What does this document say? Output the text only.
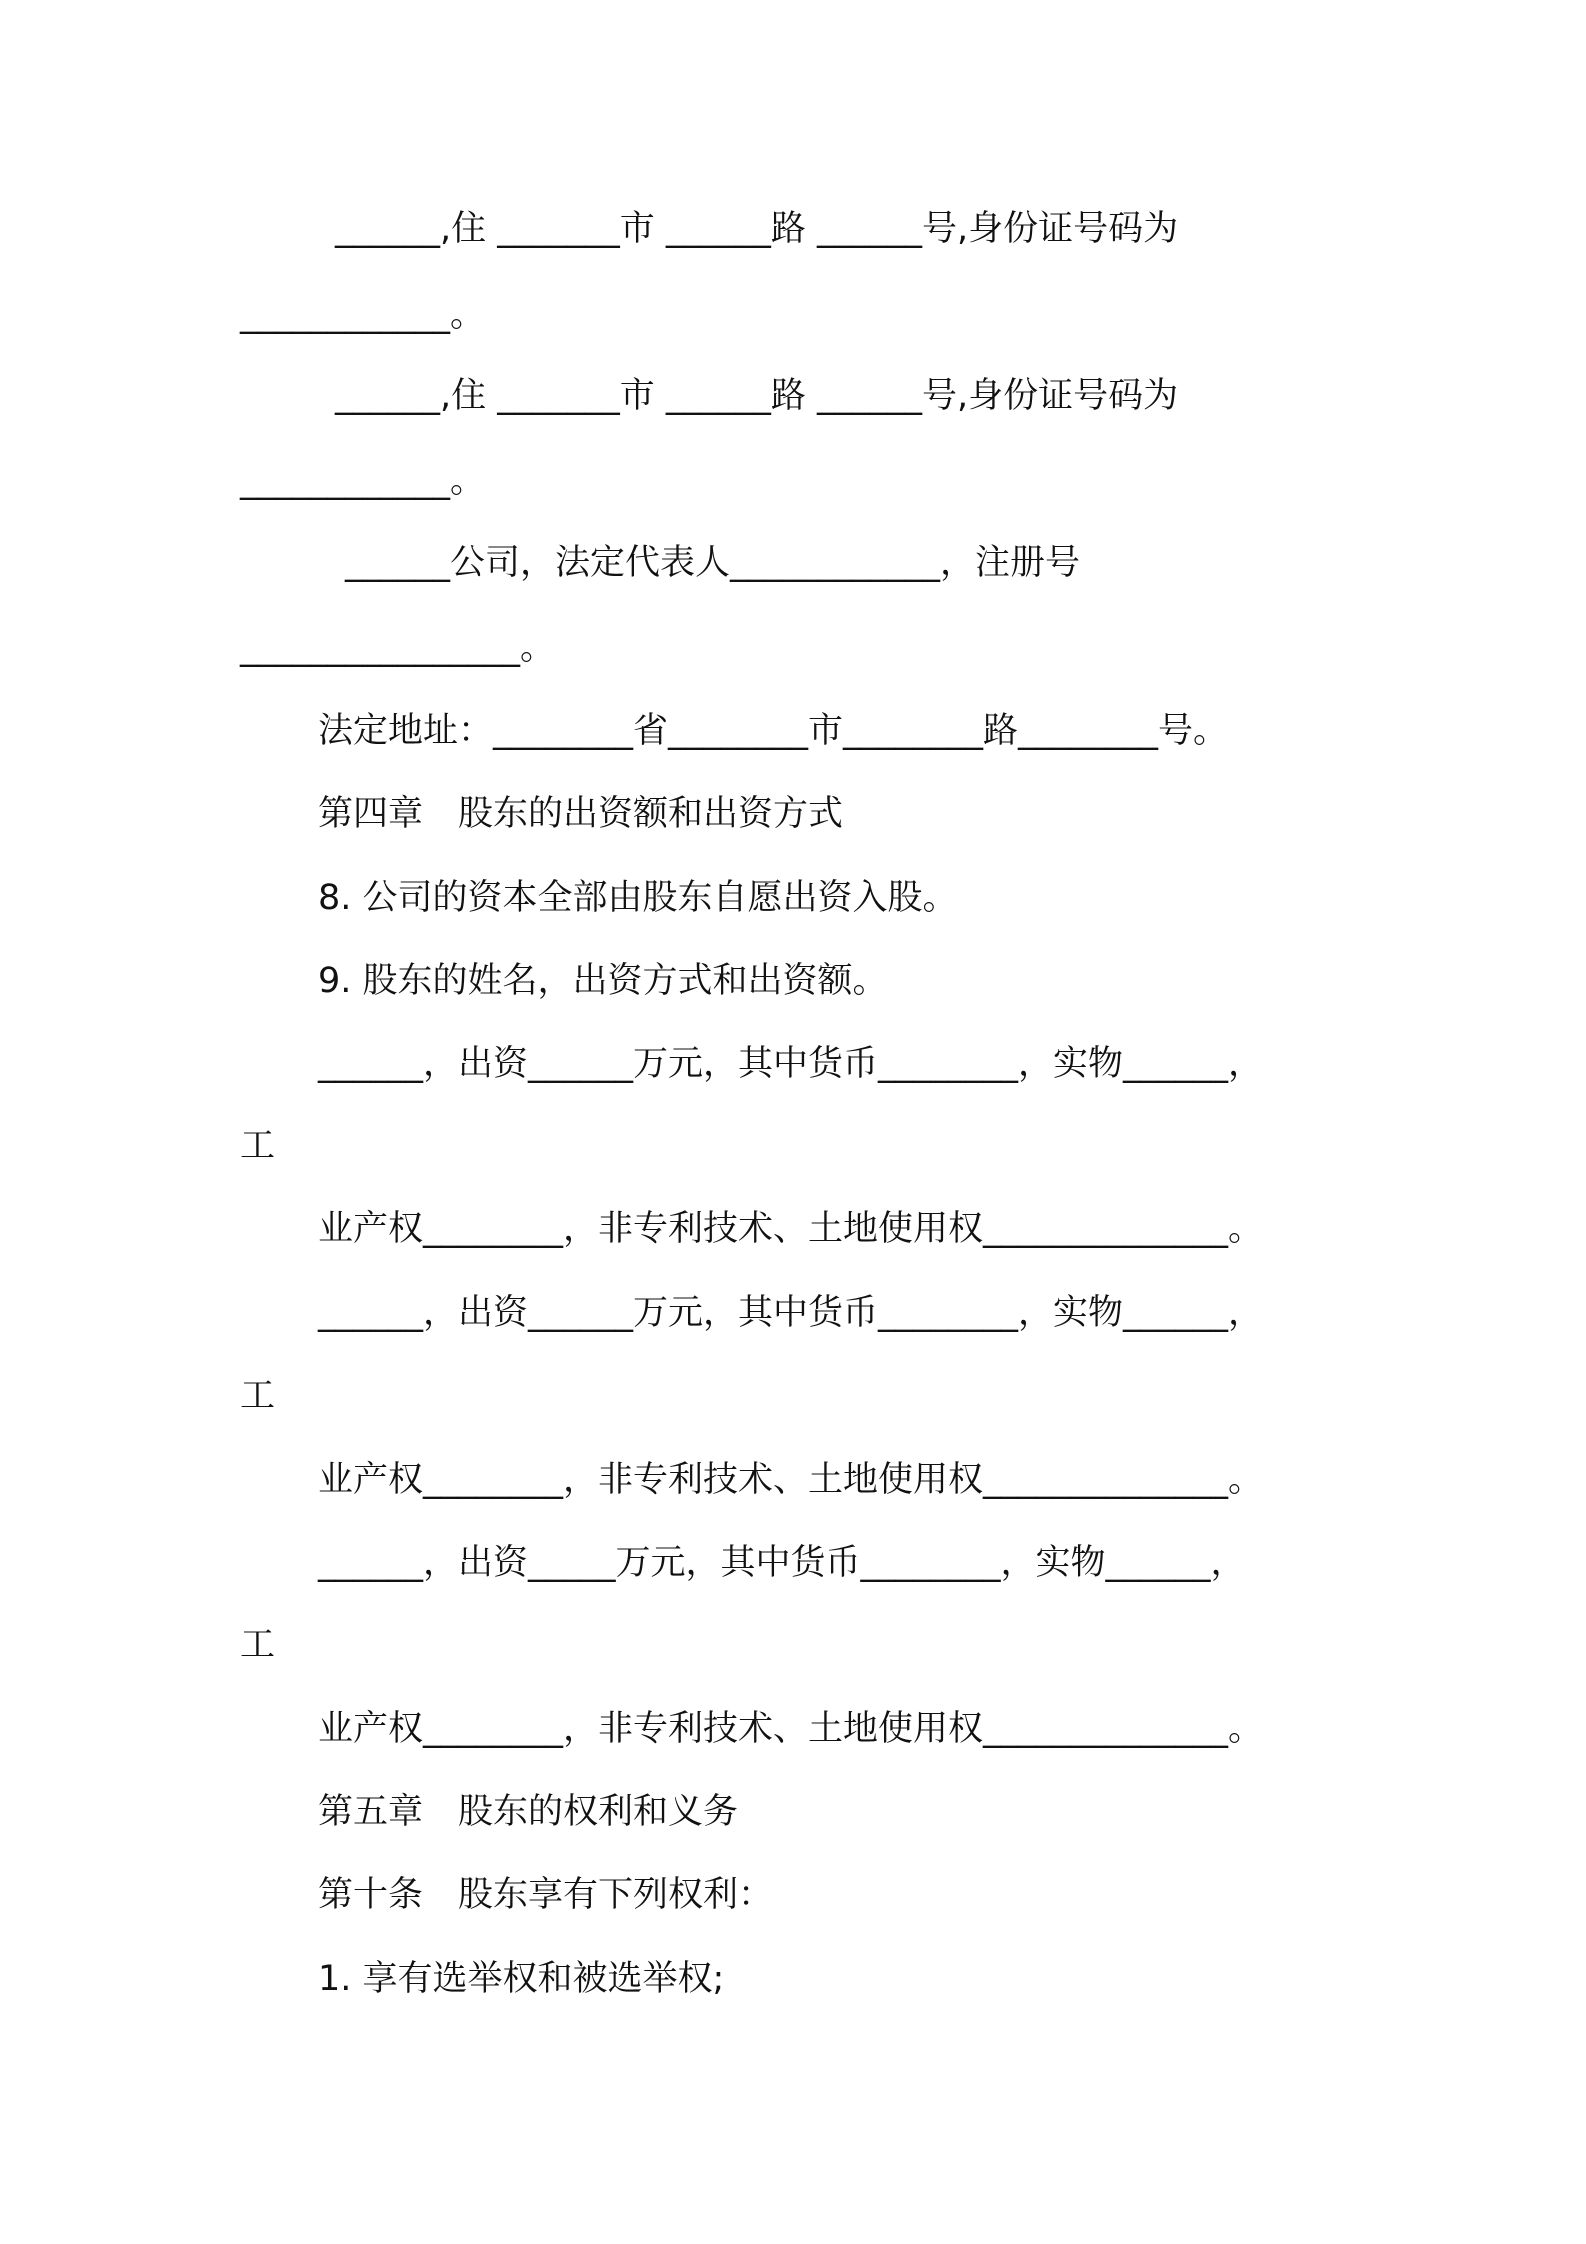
______,住 _______市 ______路 ______号,身份证号码为

____________。

______,住 _______市 ______路 ______号,身份证号码为

____________。

______公司，法定代表人____________，注册号

________________。

法定地址：________省________市________路________号。

第四章　股东的出资额和出资方式

8. 公司的资本全部由股东自愿出资入股。

9. 股东的姓名，出资方式和出资额。

______，出资______万元，其中货币________，实物______，

工

业产权________，非专利技术、土地使用权______________。

______，出资______万元，其中货币________，实物______，

工

业产权________，非专利技术、土地使用权______________。

______，出资_____万元，其中货币________，实物______，

工

业产权________，非专利技术、土地使用权______________。

第五章　股东的权利和义务

第十条　股东享有下列权利：

1. 享有选举权和被选举权;
